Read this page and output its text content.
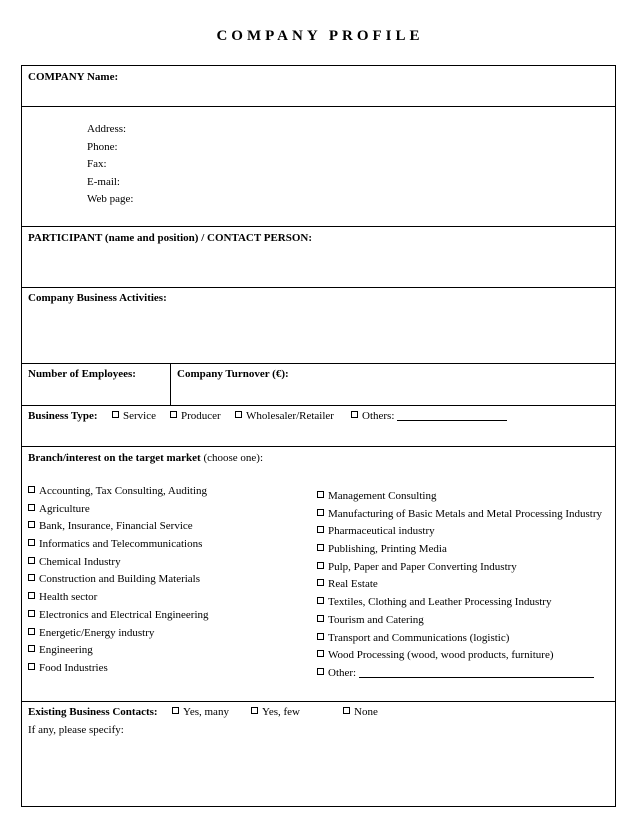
COMPANY PROFILE
COMPANY Name:
Address:
Phone:
Fax:
E-mail:
Web page:
PARTICIPANT (name and position) / CONTACT PERSON:
Company Business Activities:
Number of Employees:	Company Turnover (€):
Business Type:	Service	Producer	Wholesaler/Retailer	Others:
Branch/interest on the target market (choose one):
Accounting, Tax Consulting, Auditing
Agriculture
Bank, Insurance, Financial Service
Informatics and Telecommunications
Chemical Industry
Construction and Building Materials
Health sector
Electronics and Electrical Engineering
Energetic/Energy industry
Engineering
Food Industries
Management Consulting
Manufacturing of Basic Metals and Metal Processing Industry
Pharmaceutical industry
Publishing, Printing Media
Pulp, Paper and Paper Converting Industry
Real Estate
Textiles, Clothing and Leather Processing Industry
Tourism and Catering
Transport and Communications (logistic)
Wood Processing (wood, wood products, furniture)
Other:
Existing Business Contacts:	Yes, many	Yes, few	None
If any, please specify:
